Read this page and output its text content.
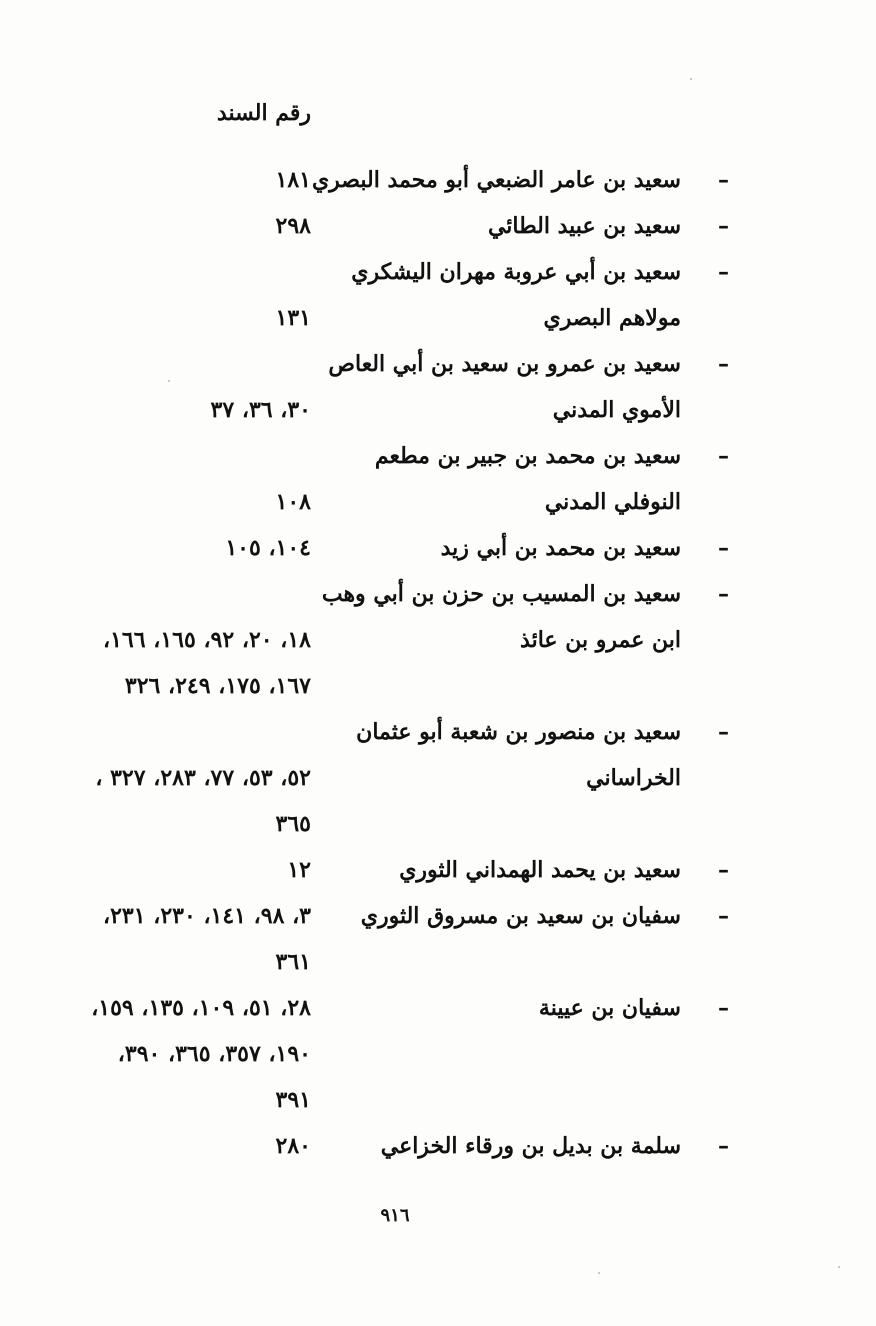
رقم السند
–
سعيد بن عامر الضبعي أبو محمد البصري
–
سعيد بن عبيد الطائي
–
سعيد بن أبي عروبة مهران اليشكري
مولاهم البصري
–
سعيد بن عمرو بن سعيد بن أبي العاص
الأموي المدني
–
سعيد بن محمد بن جبير بن مطعم
النوفلي المدني
–
سعيد بن محمد بن أبي زيد
–
سعيد بن المسيب بن حزن بن أبي وهب
ابن عمرو بن عائذ
–
سعيد بن منصور بن شعبة أبو عثمان
الخراساني
–
سعيد بن يحمد الهمداني الثوري
–
سفيان بن سعيد بن مسروق الثوري
–
سفيان بن عيينة
–
سلمة بن بديل بن ورقاء الخزاعي
١٨١
٢٩٨
١٣١
٣٠، ٣٦، ٣٧
١٠٨
١٠٤، ١٠٥
١٨، ٢٠، ٩٢، ١٦٥، ١٦٦،
١٦٧، ١٧٥، ٢٤٩، ٣٢٦
٥٢، ٥٣، ٧٧، ٢٨٣، ٣٢٧ ،
٣٦٥
١٢
٣، ٩٨، ١٤١، ٢٣٠، ٢٣١،
٣٦١
٢٨، ٥١، ١٠٩، ١٣٥، ١٥٩،
١٩٠، ٣٥٧، ٣٦٥، ٣٩٠،
٣٩١
٢٨٠
٩١٦
